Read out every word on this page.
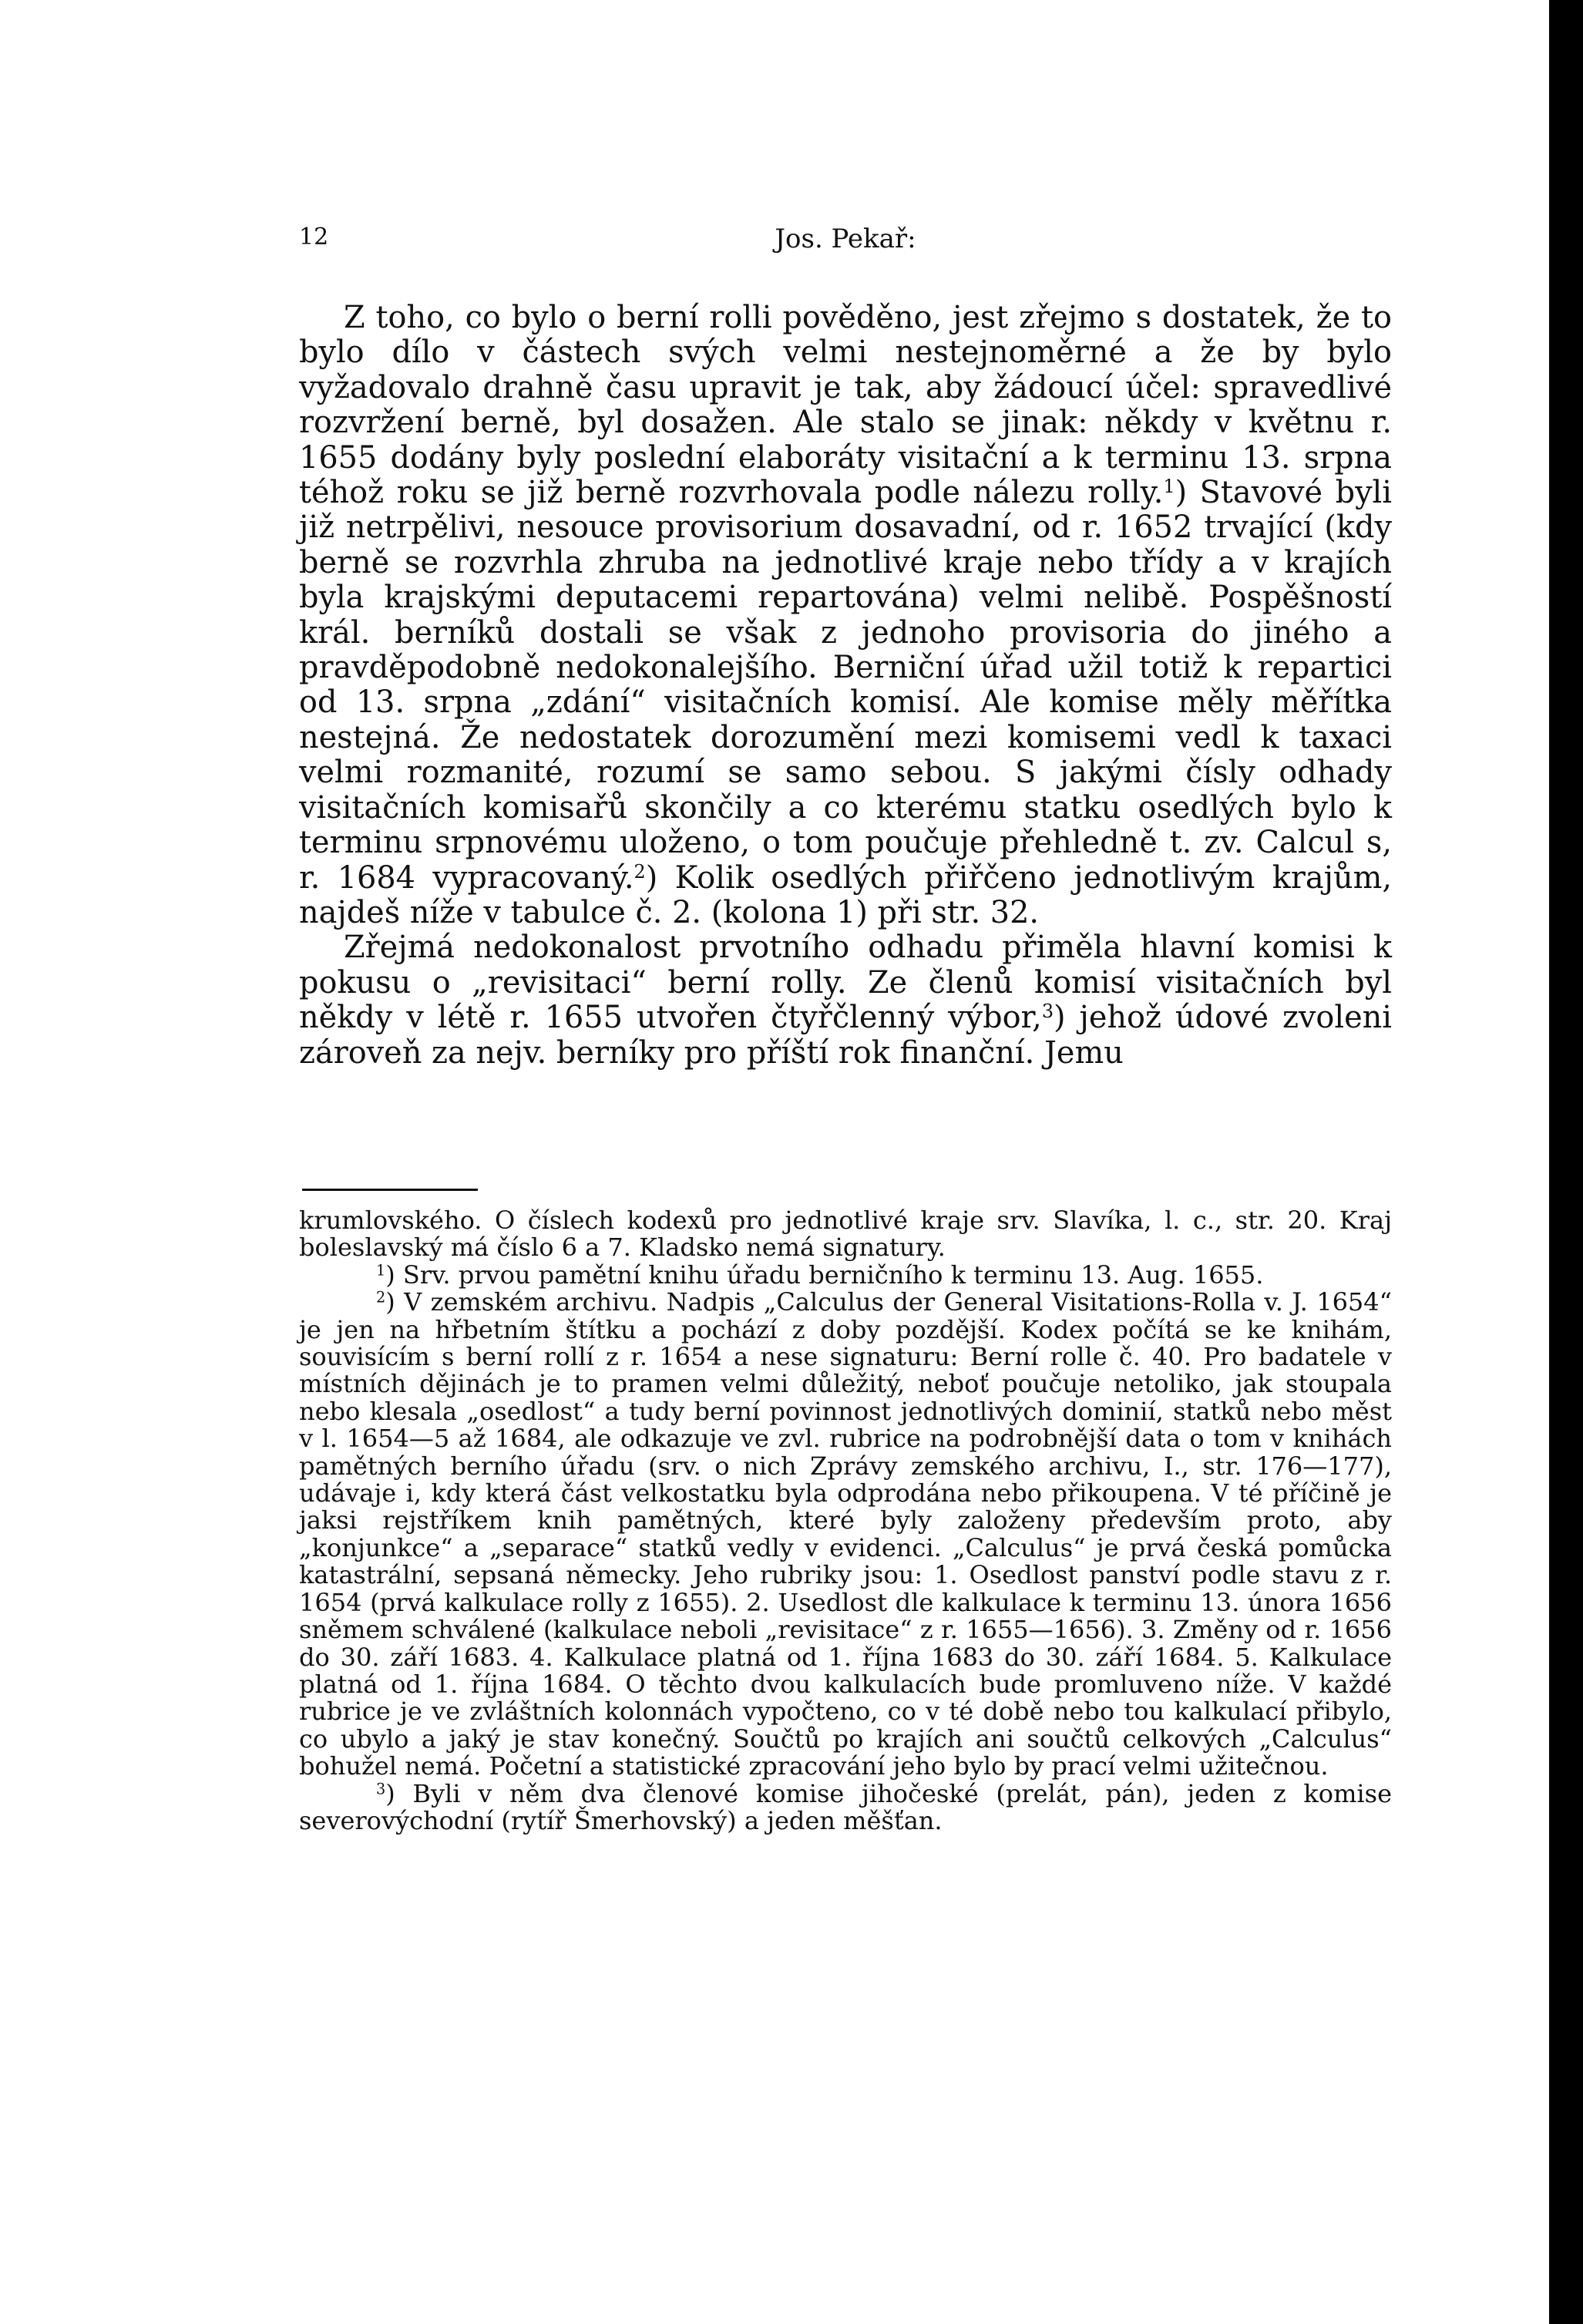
12	Jos. Pekař:

Z toho, co bylo o berní rolli pověděno, jest zřejmo s dostatek, že to bylo dílo v částech svých velmi nestejnoměrné a že by bylo vyžadovalo drahně času upravit je tak, aby žádoucí účel: spravedlivé rozvržení berně, byl dosažen. Ale stalo se jinak: někdy v květnu r. 1655 dodány byly poslední elaboráty visitační a k terminu 13. srpna téhož roku se již berně rozvrhovala podle nálezu rolly.$^1$) Stavové byli již netrpělivi, nesouce provisorium dosavadní, od r. 1652 trvající (kdy berně se rozvrhla zhruba na jednotlivé kraje nebo třídy a v krajích byla krajskými deputacemi repartována) velmi nelibě. Pospěšností král. berníků dostali se však z jednoho provisoria do jiného a pravděpodobně nedokonalejšího. Berniční úřad užil totiž k repartici od 13. srpna „zdání“ visitačních komisí. Ale komise měly měřítka nestejná. Že nedostatek dorozumění mezi komisemi vedl k taxaci velmi rozmanité, rozumí se samo sebou. S jakými čísly odhady visitačních komisařů skončily a co kterému statku osedlých bylo k terminu srpnovému uloženo, o tom poučuje přehledně t. zv. Calcul s, r. 1684 vypracovaný.$^2$) Kolik osedlých přiřčeno jednotlivým krajům, najdeš níže v tabulce č. 2. (kolona 1) při str. 32.

Zřejmá nedokonalost prvotního odhadu přiměla hlavní komisi k pokusu o „revisitaci“ berní rolly. Ze členů komisí visitačních byl někdy v létě r. 1655 utvořen čtyřčlenný výbor,$^3$) jehož údové zvoleni zároveň za nejv. berníky pro příští rok finanční. Jemu

krumlovského. O číslech kodexů pro jednotlivé kraje srv. Slavíka, l. c., str. 20. Kraj boleslavský má číslo 6 a 7. Kladsko nemá signatury.

$^1$) Srv. prvou pamětní knihu úřadu berničního k terminu 13. Aug. 1655.

$^2$) V zemském archivu. Nadpis „Calculus der General Visitations-Rolla v. J. 1654“ je jen na hřbetním štítku a pochází z doby pozdější. Kodex počítá se ke knihám, souvisícím s berní rollí z r. 1654 a nese signaturu: Berní rolle č. 40. Pro badatele v místních dějinách je to pramen velmi důležitý, neboť poučuje netoliko, jak stoupala nebo klesala „osedlost“ a tudy berní povinnost jednotlivých dominií, statků nebo měst v l. 1654—5 až 1684, ale odkazuje ve zvl. rubrice na podrobnější data o tom v knihách pamětných berního úřadu (srv. o nich Zprávy zemského archivu, I., str. 176—177), udávaje i, kdy která část velkostatku byla odprodána nebo přikoupena. V té příčině je jaksi rejstříkem knih pamětných, které byly založeny především proto, aby „konjunkce“ a „separace“ statků vedly v evidenci. „Calculus“ je prvá česká pomůcka katastrální, sepsaná německy. Jeho rubriky jsou: 1. Osedlost panství podle stavu z r. 1654 (prvá kalkulace rolly z 1655). 2. Usedlost dle kalkulace k terminu 13. února 1656 sněmem schválené (kalkulace neboli „revisitace“ z r. 1655—1656). 3. Změny od r. 1656 do 30. září 1683. 4. Kalkulace platná od 1. října 1683 do 30. září 1684. 5. Kalkulace platná od 1. října 1684. O těchto dvou kalkulacích bude promluveno níže. V každé rubrice je ve zvláštních kolonnách vypočteno, co v té době nebo tou kalkulací přibylo, co ubylo a jaký je stav konečný. Součtů po krajích ani součtů celkových „Calculus“ bohužel nemá. Početní a statistické zpracování jeho bylo by prací velmi užitečnou.

$^3$) Byli v něm dva členové komise jihočeské (prelát, pán), jeden z komise severovýchodní (rytíř Šmerhovský) a jeden měšťan.
